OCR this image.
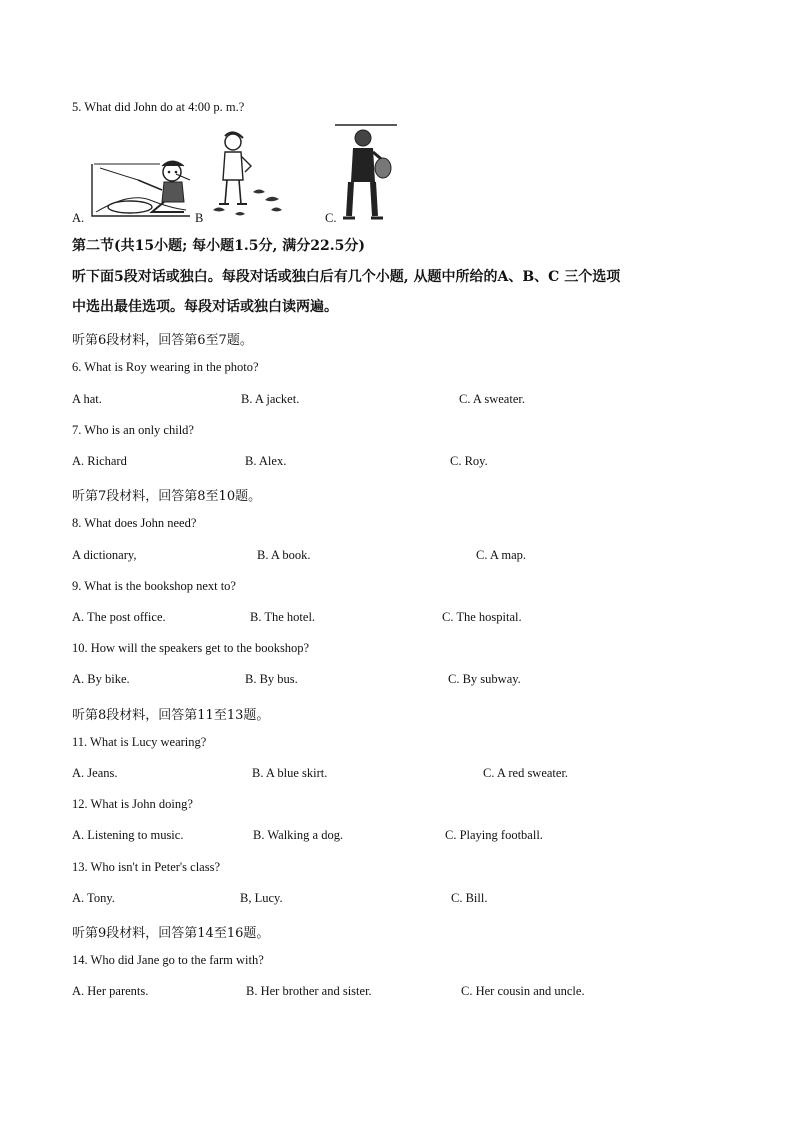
5. What did John do at 4:00 p. m.?
A.	B	C.
第二节(共15小题; 每小题1.5分, 满分22.5分)
听下面5段对话或独白。每段对话或独白后有几个小题, 从题中所给的A、B、C 三个选项
中选出最佳选项。每段对话或独白读两遍。
听第6段材料，回答第6至7题。
6. What is Roy wearing in the photo?
A hat.	B. A jacket.	C. A sweater.
7. Who is an only child?
A. Richard	B. Alex.	C. Roy.
听第7段材料，回答第8至10题。
8. What does John need?
A dictionary,	B. A book.	C. A map.
9. What is the bookshop next to?
A. The post office.	B. The hotel.	C. The hospital.
10. How will the speakers get to the bookshop?
A. By bike.	B. By bus.	C. By subway.
听第8段材料，回答第11至13题。
11. What is Lucy wearing?
A. Jeans.	B. A blue skirt.	C. A red sweater.
12. What is John doing?
A. Listening to music.	B. Walking a dog.	C. Playing football.
13. Who isn't in Peter's class?
A. Tony.	B, Lucy.	C. Bill.
听第9段材料，回答第14至16题。
14. Who did Jane go to the farm with?
A. Her parents.	B. Her brother and sister.	C. Her cousin and uncle.
